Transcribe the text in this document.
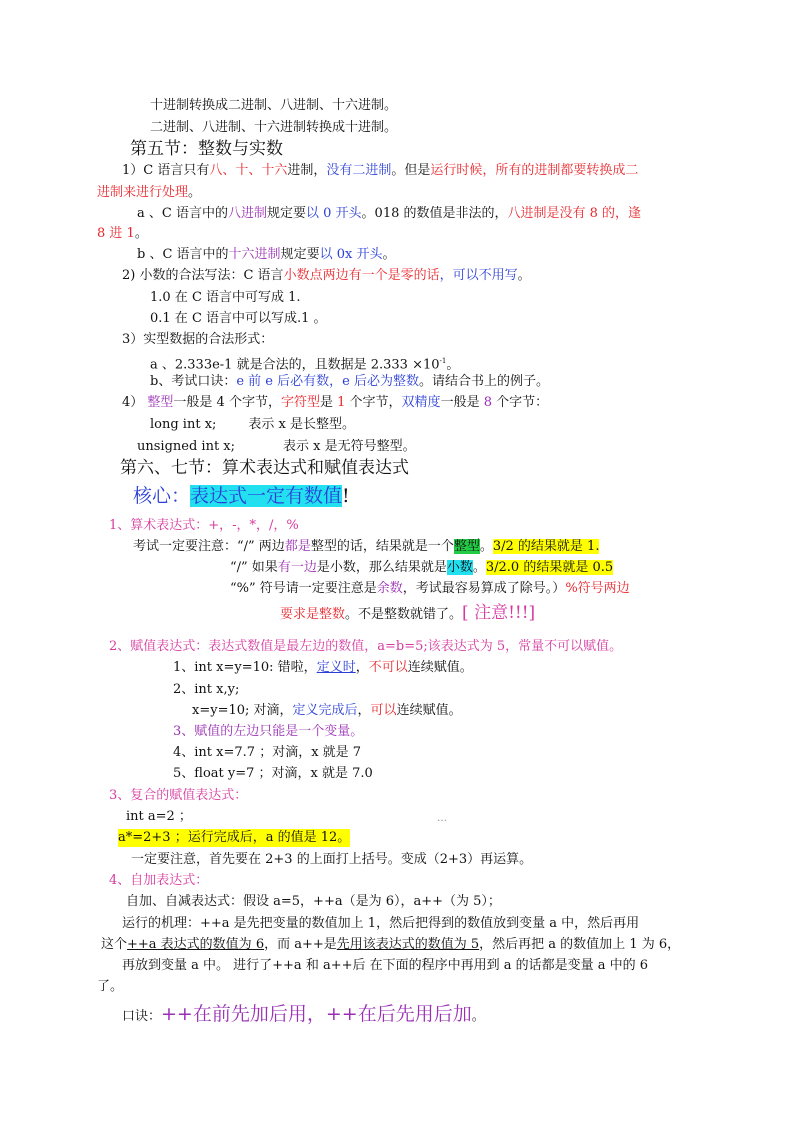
十进制转换成二进制、八进制、十六进制。
二进制、八进制、十六进制转换成十进制。
第五节：整数与实数
1）C 语言只有八、十、十六进制，没有二进制。但是运行时候，所有的进制都要转换成二
进制来进行处理。
a 、C 语言中的八进制规定要以 0 开头。018 的数值是非法的，八进制是没有 8 的，逢
8 进 1。
b 、C 语言中的十六进制规定要以 0x 开头。
2) 小数的合法写法：C 语言小数点两边有一个是零的话，可以不用写。
1.0 在 C 语言中可写成 1.
0.1 在 C 语言中可以写成.1 。
3）实型数据的合法形式：
a 、2.333e-1 就是合法的，且数据是 $2.333 \times 10^{-1}$。
b、考试口诀：e 前 e 后必有数，e 后必为整数。请结合书上的例子。
4） 整型一般是 4 个字节，字符型是 1 个字节，双精度一般是 8 个字节：
long int x; 表示 x 是长整型。
unsigned int x;	表示 x 是无符号整型。
第六、七节：算术表达式和赋值表达式
核心：表达式一定有数值!
1、算术表达式：+，-，*，/，%
考试一定要注意：“/” 两边都是整型的话，结果就是一个整型。3/2 的结果就是 1.
“/” 如果有一边是小数，那么结果就是小数。3/2.0 的结果就是 0.5
“%” 符号请一定要注意是余数，考试最容易算成了除号。）%符号两边
要求是整数。不是整数就错了。[ 注意!!!]
2、赋值表达式：表达式数值是最左边的数值，a=b=5;该表达式为 5，常量不可以赋值。
1、int x=y=10: 错啦，定义时，不可以连续赋值。
2、int x,y;
x=y=10; 对滴，定义完成后，可以连续赋值。
3、赋值的左边只能是一个变量。
4、int x=7.7 ；对滴，x 就是 7
5、float y=7 ；对滴，x 就是 7.0
3、复合的赋值表达式：
int a=2 ；	…
a*=2+3 ；运行完成后，a 的值是 12。
一定要注意，首先要在 2+3 的上面打上括号。变成（2+3）再运算。
4、自加表达式：
自加、自减表达式：假设 a=5，++a（是为 6），a++（为 5）；
运行的机理：++a 是先把变量的数值加上 1，然后把得到的数值放到变量 a 中，然后再用
这个++a 表达式的数值为 6，而 a++是先用该表达式的数值为 5，然后再把 a 的数值加上 1 为 6，
再放到变量 a 中。 进行了++a 和 a++后 在下面的程序中再用到 a 的话都是变量 a 中的 6
了。
口诀：++在前先加后用，++在后先用后加。
